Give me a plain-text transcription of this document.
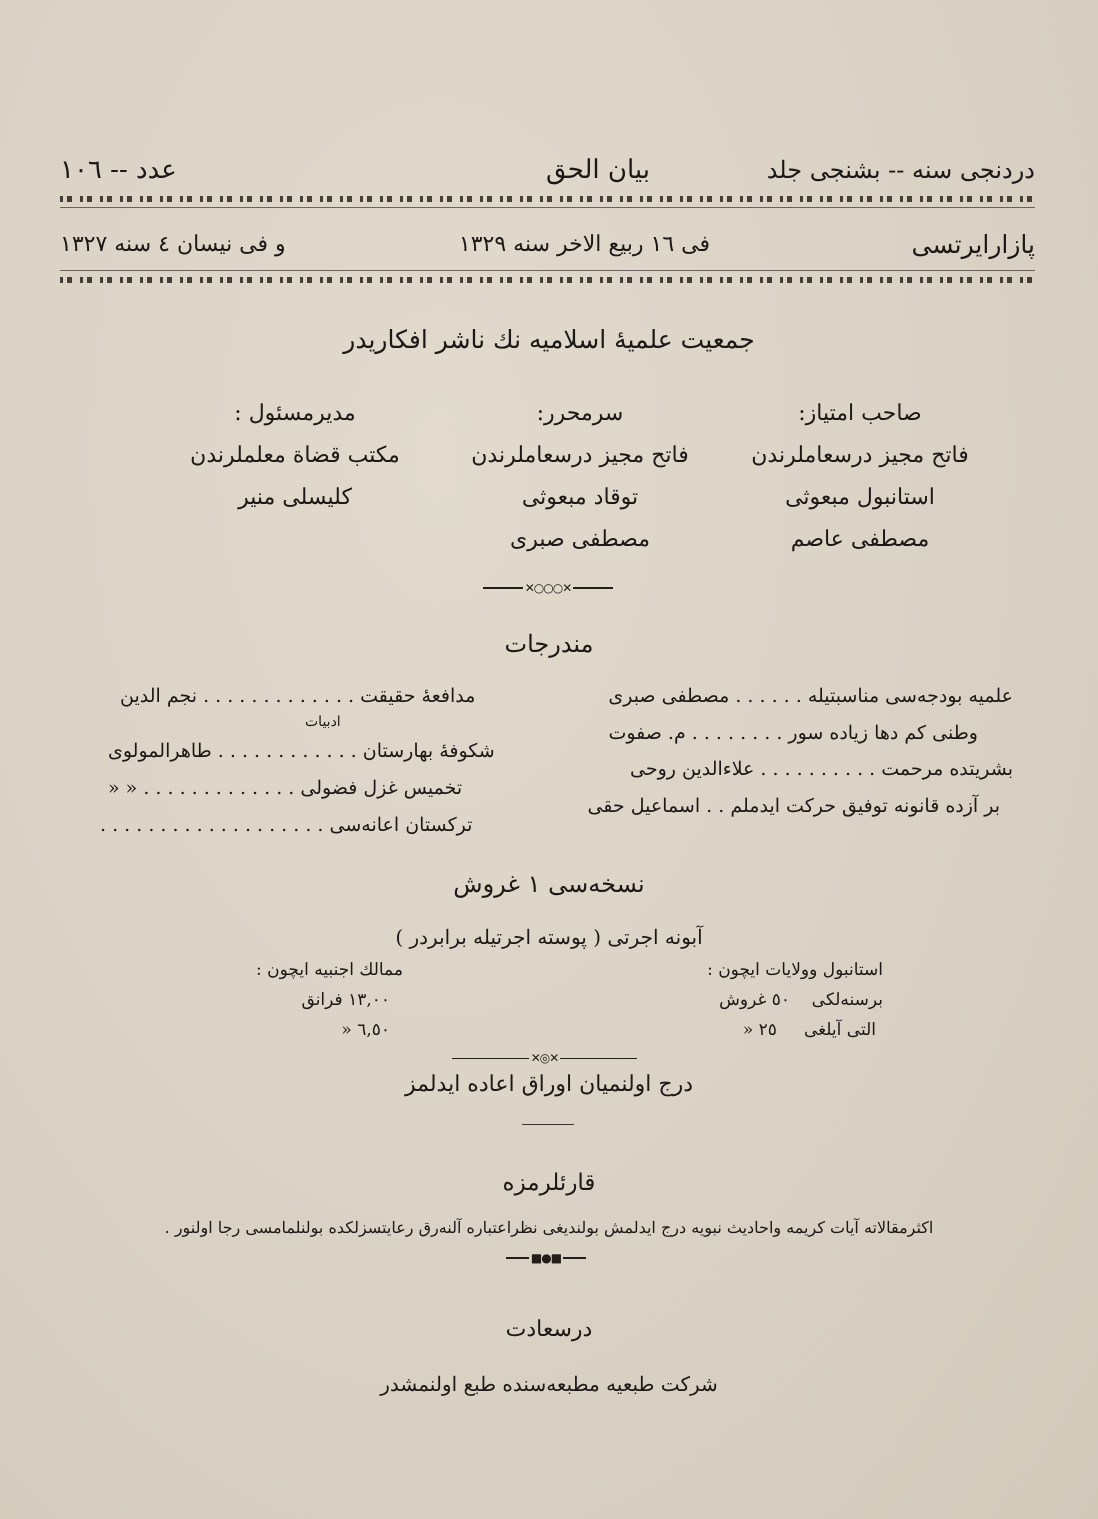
دردنجی سنه -- بشنجی جلد
بیان الحق
عدد -- ١٠٦
پازارایرتسی
فی ١٦ ربیع الاخر سنه ١٣٢٩
و فی نیسان ٤ سنه ١٣٢٧
جمعیت علمیهٔ اسلامیه نك ناشر افکاریدر
صاحب امتیاز:
فاتح مجیز درسعاملرندن
استانبول مبعوثی
مصطفی عاصم
سرمحرر:
فاتح مجیز درسعاملرندن
توقاد مبعوثی
مصطفی صبری
مدیرمسئول :
مکتب قضاة معلملرندن
کلیسلی منیر
✕○○○✕
مندرجات
علمیه بودجه‌سی مناسبتیله . . . . . . مصطفی صبری
وطنی کم دها زیاده سور . . . . . . . . م. صفوت
بشریتده مرحمت . . . . . . . . . . علاءالدین روحی
بر آزده قانونه توفیق حرکت ایدملم . . اسماعیل حقی
مدافعهٔ حقیقت . . . . . . . . . . . . . نجم الدین
ادبیات
شکوفهٔ بهارستان . . . . . . . . . . . . طاهرالمولوی
تخمیس غزل فضولی . . . . . . . . . . . . . « «
ترکستان اعانه‌سی . . . . . . . . . . . . . . . . . . .
نسخه‌سی ١ غروش
آبونه اجرتی ( پوسته اجرتیله برابردر )
استانبول وولایات ایچون :
برسنه‌لکی    ٥٠ غروش
التی آیلغی     ٢٥ «
ممالك اجنبیه ایچون :
١٣,٠٠ فرانق
٦,٥٠ «
✕◎✕
درج اولنمیان اوراق اعاده ایدلمز
قارئلرمزه
اکثرمقالاته آیات کریمه واحادیث نبویه درج ایدلمش بولندیغی نظراعتباره آلنه‌رق رعایتسزلکده بولنلمامسی رجا اولنور .
■●■
درسعادت
شرکت طبعیه مطبعه‌سنده طبع اولنمشدر
